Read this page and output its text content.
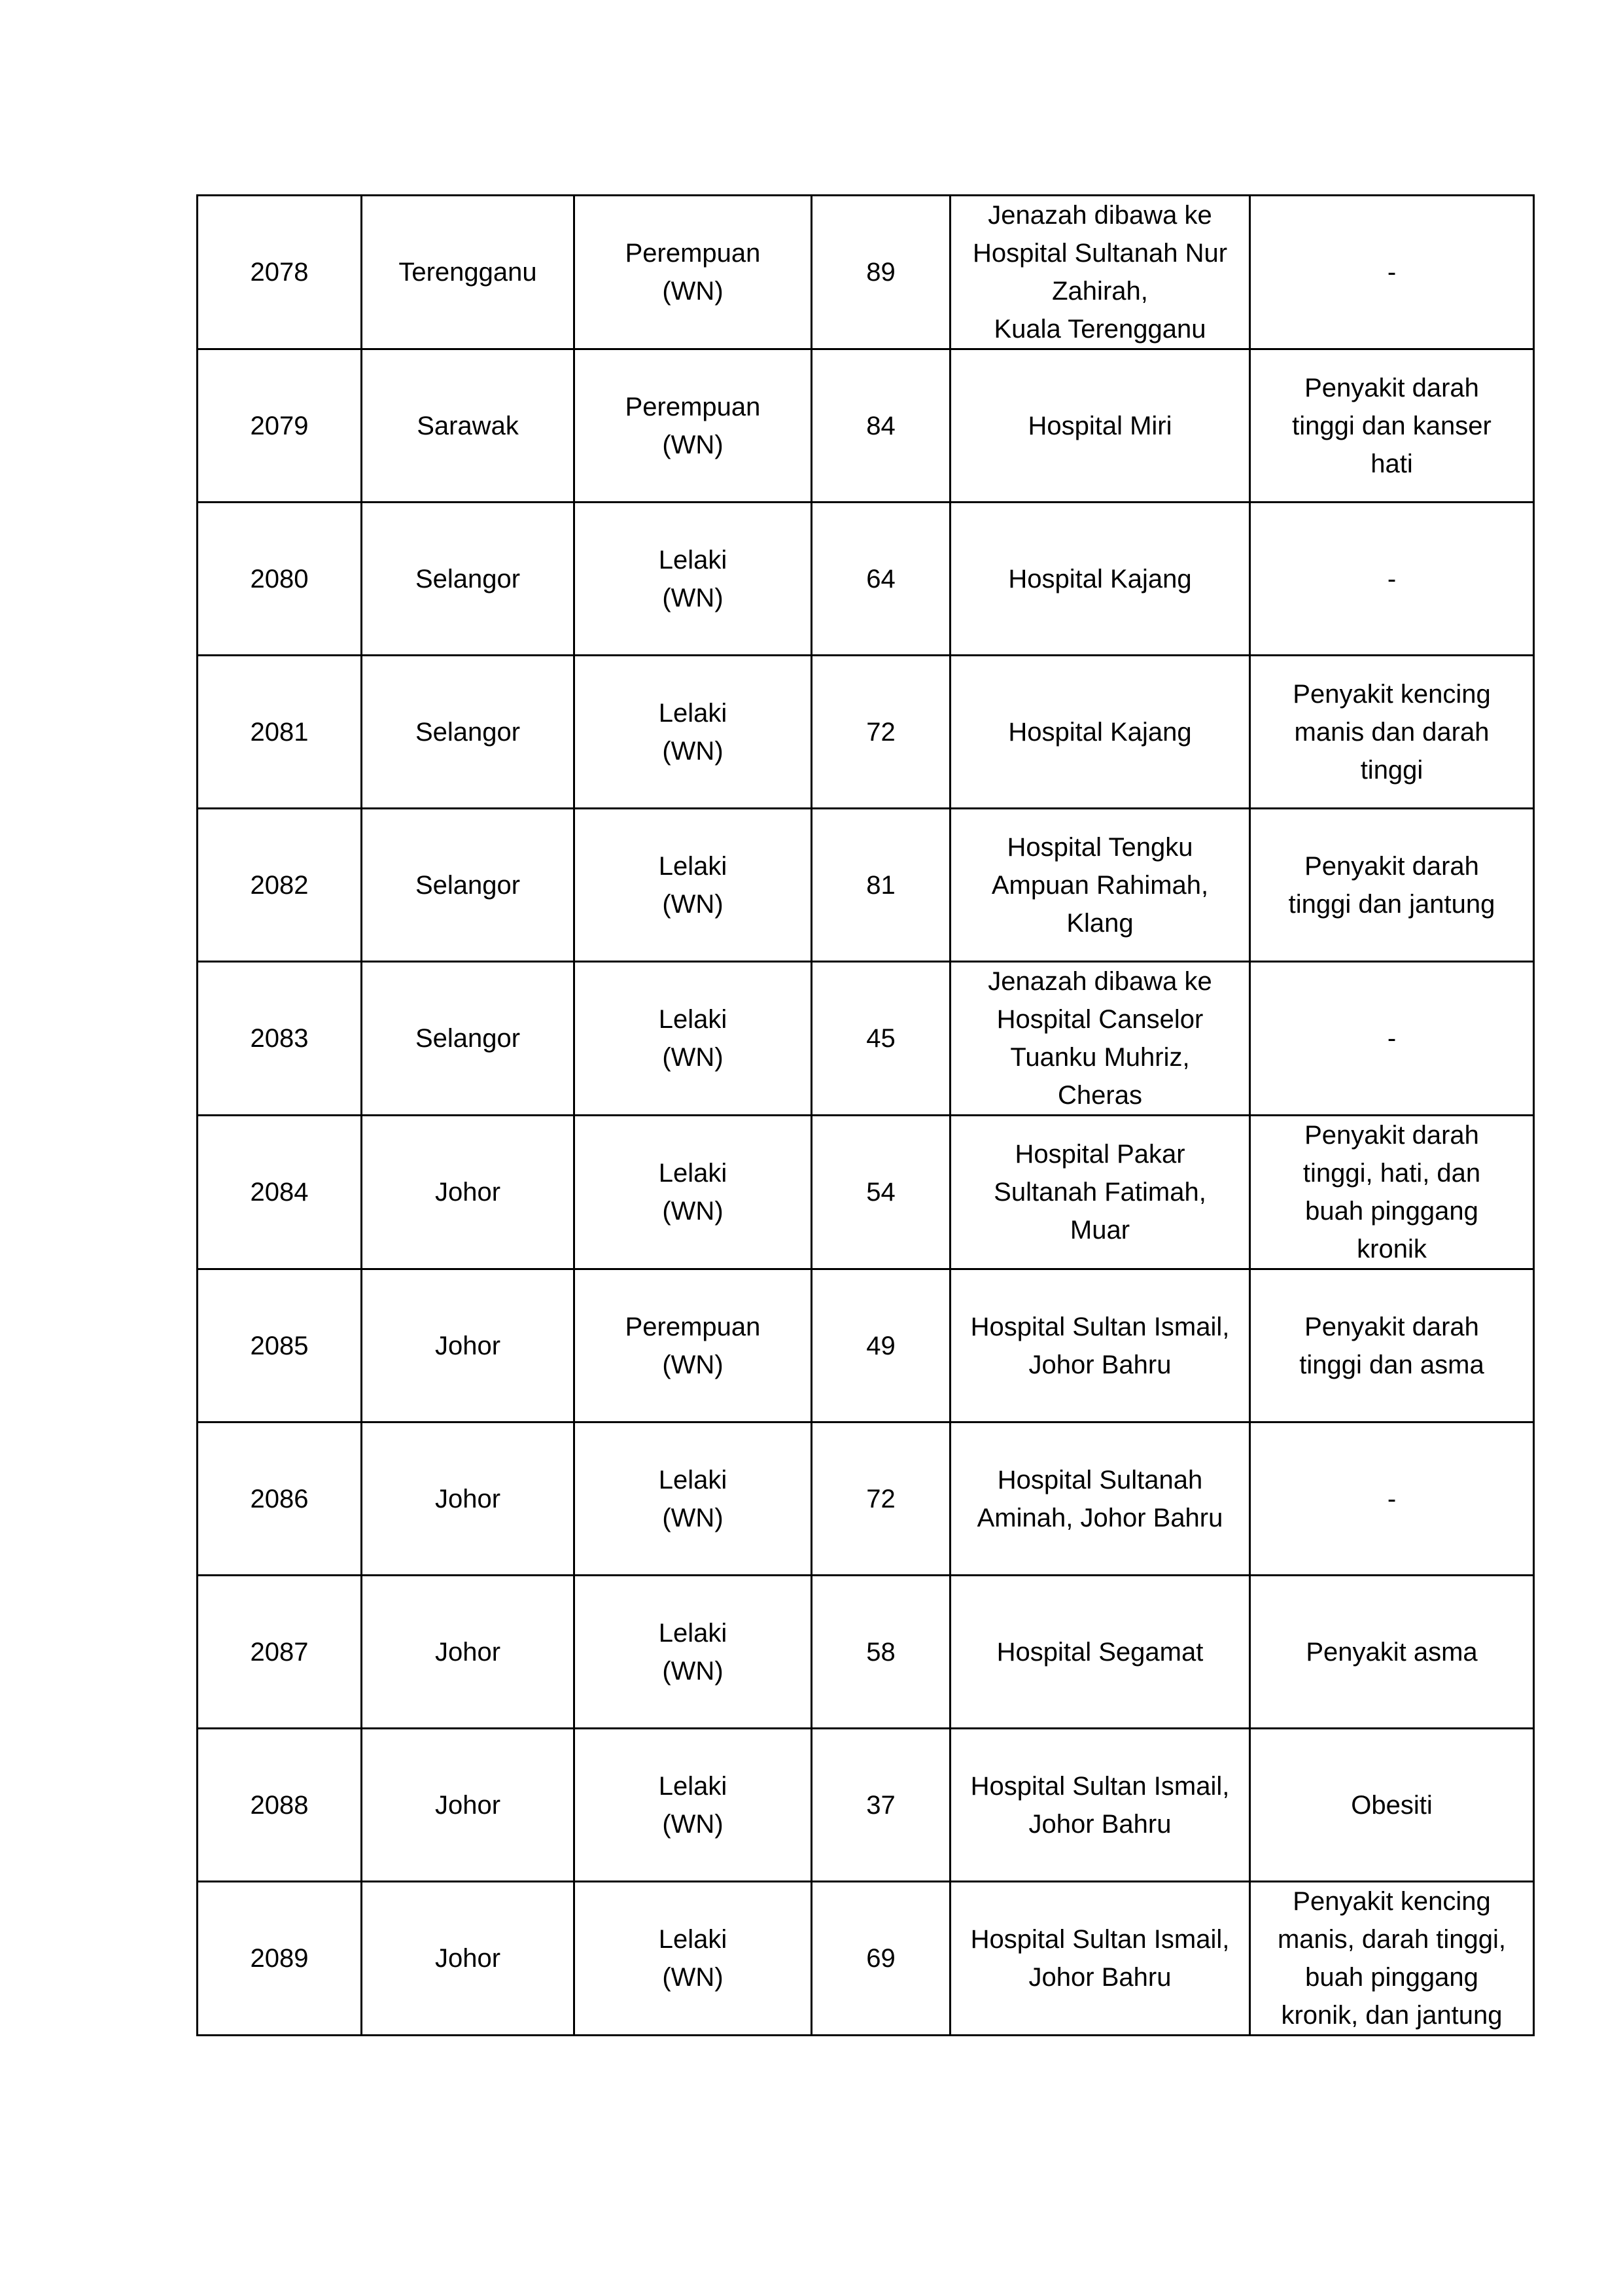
2078	Terengganu	Perempuan
(WN)	89	Jenazah dibawa ke
Hospital Sultanah Nur
Zahirah,
Kuala Terengganu	-
2079	Sarawak	Perempuan
(WN)	84	Hospital Miri	Penyakit darah
tinggi dan kanser
hati
2080	Selangor	Lelaki
(WN)	64	Hospital Kajang	-
2081	Selangor	Lelaki
(WN)	72	Hospital Kajang	Penyakit kencing
manis dan darah
tinggi
2082	Selangor	Lelaki
(WN)	81	Hospital Tengku
Ampuan Rahimah,
Klang	Penyakit darah
tinggi dan jantung
2083	Selangor	Lelaki
(WN)	45	Jenazah dibawa ke
Hospital Canselor
Tuanku Muhriz,
Cheras	-
2084	Johor	Lelaki
(WN)	54	Hospital Pakar
Sultanah Fatimah,
Muar	Penyakit darah
tinggi, hati, dan
buah pinggang
kronik
2085	Johor	Perempuan
(WN)	49	Hospital Sultan Ismail,
Johor Bahru	Penyakit darah
tinggi dan asma
2086	Johor	Lelaki
(WN)	72	Hospital Sultanah
Aminah, Johor Bahru	-
2087	Johor	Lelaki
(WN)	58	Hospital Segamat	Penyakit asma
2088	Johor	Lelaki
(WN)	37	Hospital Sultan Ismail,
Johor Bahru	Obesiti
2089	Johor	Lelaki
(WN)	69	Hospital Sultan Ismail,
Johor Bahru	Penyakit kencing
manis, darah tinggi,
buah pinggang
kronik, dan jantung
